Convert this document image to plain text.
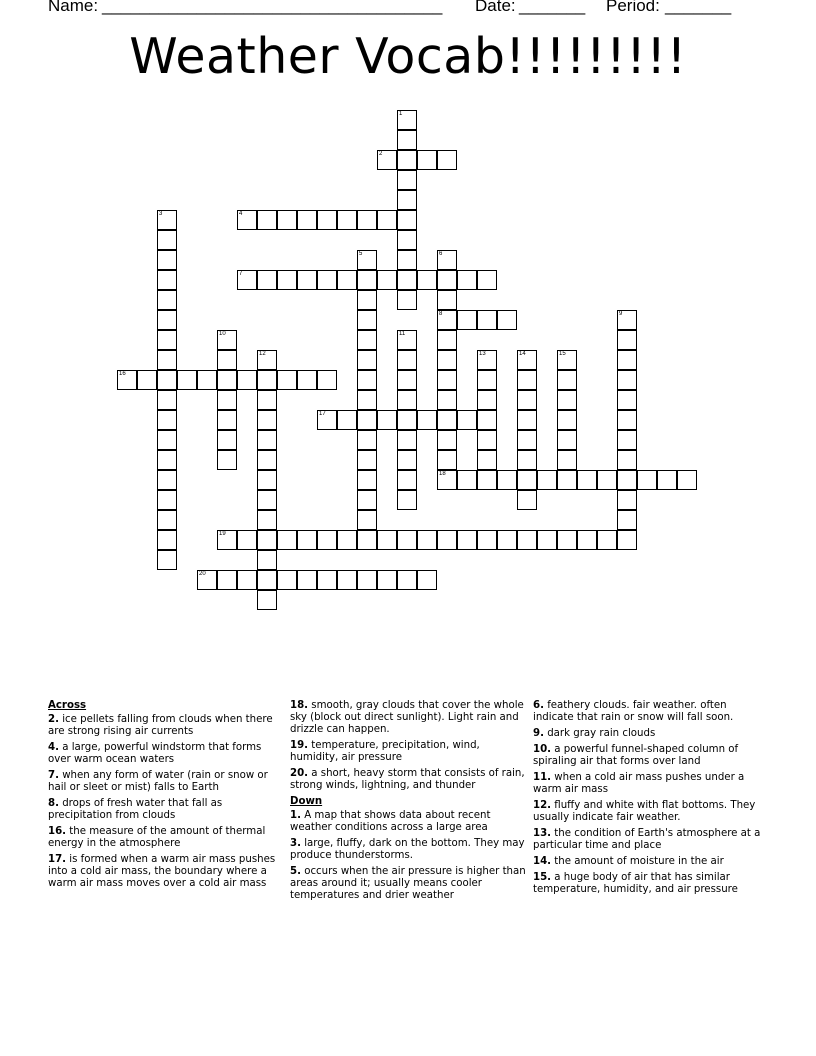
Name: ____________________________________ Date: _______ Period: _______
Weather Vocab!!!!!!!!!
1
2
3	4
5	6
8
7
9
10	11
12	13	14	15
16
17
18
19
20
Across
2. ice pellets falling from clouds when there are strong rising air currents
4. a large, powerful windstorm that forms over warm ocean waters
7. when any form of water (rain or snow or hail or sleet or mist) falls to Earth
8. drops of fresh water that fall as precipitation from clouds
16. the measure of the amount of thermal energy in the atmosphere
17. is formed when a warm air mass pushes into a cold air mass, the boundary where a warm air mass moves over a cold air mass
18. smooth, gray clouds that cover the whole sky (block out direct sunlight). Light rain and drizzle can happen.
19. temperature, precipitation, wind, humidity, air pressure
20. a short, heavy storm that consists of rain, strong winds, lightning, and thunder
Down
1. A map that shows data about recent weather conditions across a large area
3. large, fluffy, dark on the bottom. They may produce thunderstorms.
5. occurs when the air pressure is higher than areas around it; usually means cooler temperatures and drier weather
6. feathery clouds. fair weather. often indicate that rain or snow will fall soon.
9. dark gray rain clouds
10. a powerful funnel-shaped column of spiraling air that forms over land
11. when a cold air mass pushes under a warm air mass
12. fluffy and white with flat bottoms. They usually indicate fair weather.
13. the condition of Earth's atmosphere at a particular time and place
14. the amount of moisture in the air
15. a huge body of air that has similar temperature, humidity, and air pressure
